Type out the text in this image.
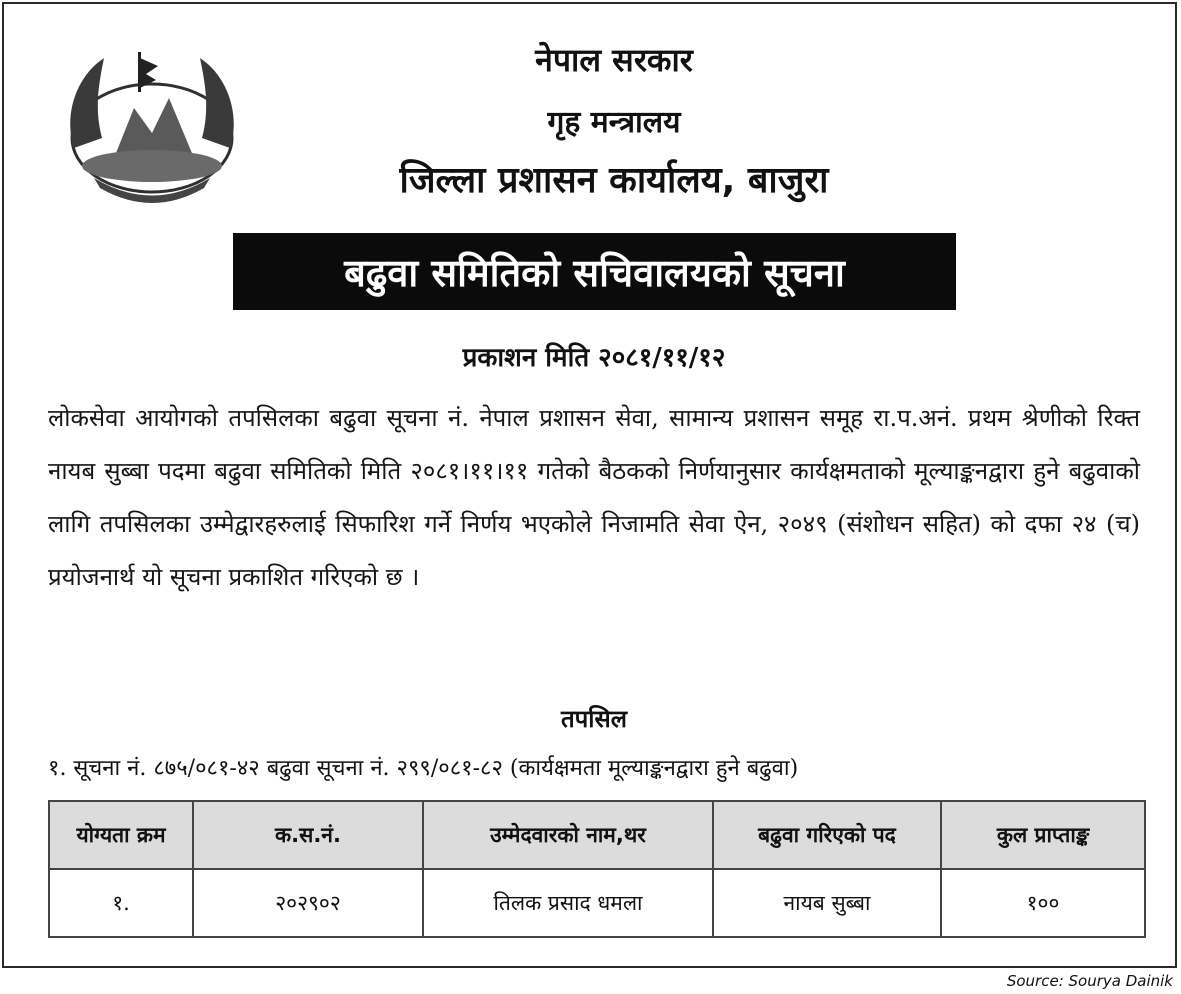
नेपाल सरकार
गृह मन्त्रालय
जिल्ला प्रशासन कार्यालय, बाजुरा
बढुवा समितिको सचिवालयको सूचना
प्रकाशन मिति २०८१/११/१२
लोकसेवा आयोगको तपसिलका बढुवा सूचना नं. नेपाल प्रशासन सेवा, सामान्य प्रशासन समूह रा.प.अनं. प्रथम श्रेणीको रिक्त नायब सुब्बा पदमा बढुवा समितिको मिति २०८१।११।११ गतेको बैठकको निर्णयानुसार कार्यक्षमताको मूल्याङ्कनद्वारा हुने बढुवाको लागि तपसिलका उम्मेद्वारहरुलाई सिफारिश गर्ने निर्णय भएकोले निजामति सेवा ऐन, २०४९ (संशोधन सहित) को दफा २४ (च) प्रयोजनार्थ यो सूचना प्रकाशित गरिएको छ ।
तपसिल
१. सूचना नं. ८७५/०८१-४२ बढुवा सूचना नं. २९९/०८१-८२ (कार्यक्षमता मूल्याङ्कनद्वारा हुने बढुवा)
योग्यता क्रम	क.स.नं.	उम्मेदवारको नाम,थर	बढुवा गरिएको पद	कुल प्राप्ताङ्क
१.	२०२९०२	तिलक प्रसाद धमला	नायब सुब्बा	१००
Source: Sourya Dainik
